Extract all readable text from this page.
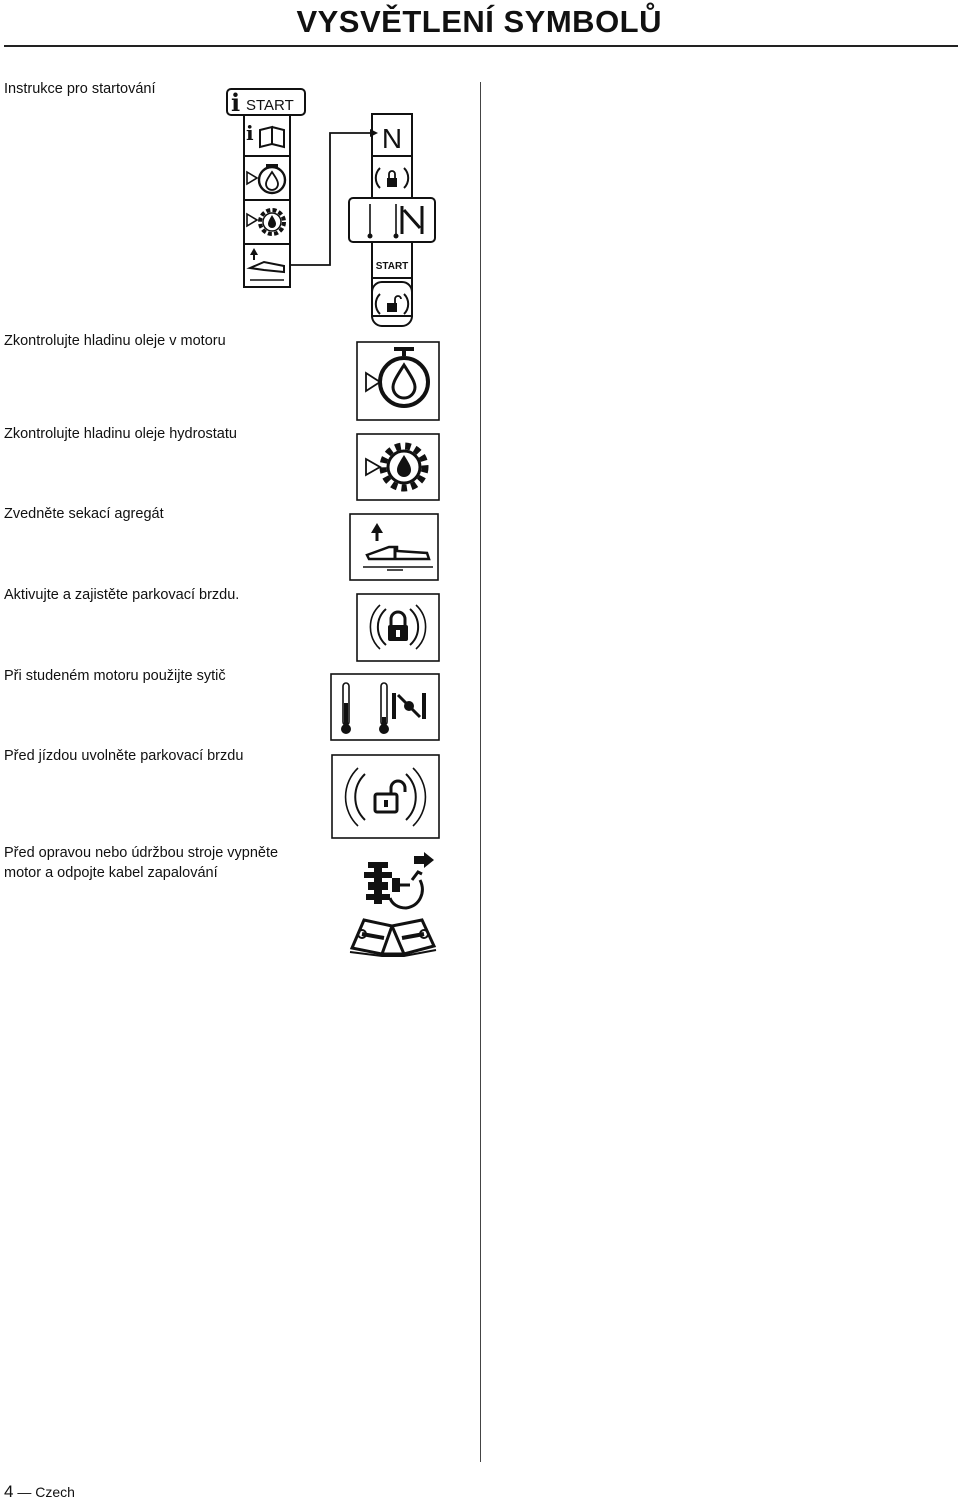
VYSVĚTLENÍ SYMBOLŮ

Instrukce pro startování	i START
i	N
START

Zkontrolujte hladinu oleje v motoru

Zkontrolujte hladinu oleje hydrostatu

Zvedněte sekací agregát

Aktivujte a zajistěte parkovací brzdu.

Při studeném motoru použijte sytič

Před jízdou uvolněte parkovací brzdu

Před opravou nebo údržbou stroje vypněte motor a odpojte kabel zapalování

4 — Czech
